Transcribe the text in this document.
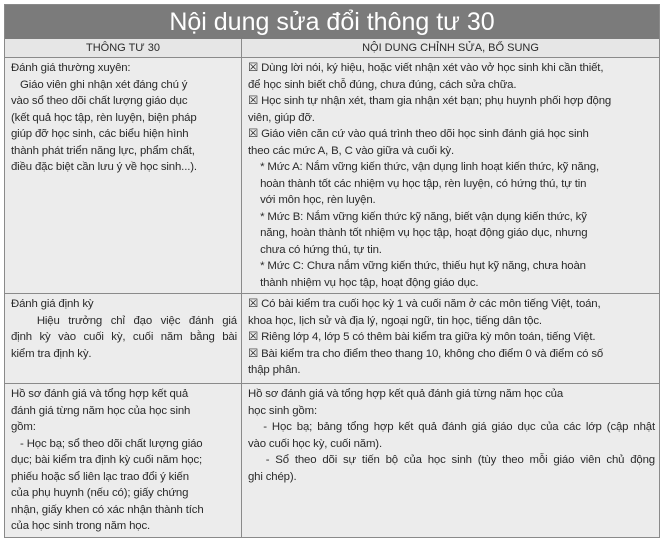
Nội dung sửa đổi thông tư 30
THÔNG TƯ 30	NỘI DUNG CHỈNH SỬA, BỔ SUNG
Đánh giá thường xuyên:
Giáo viên ghi nhận xét đáng chú ý
vào sổ theo dõi chất lượng giáo dục
(kết quả học tập, rèn luyện, biện pháp
giúp đỡ học sinh, các biểu hiện hình
thành phát triển năng lực, phẩm chất,
điều đặc biệt cần lưu ý về học sinh...).
☒ Dùng lời nói, ký hiệu, hoặc viết nhận xét vào vở học sinh khi cần thiết,
để học sinh biết chỗ đúng, chưa đúng, cách sửa chữa.
☒ Học sinh tự nhận xét, tham gia nhận xét bạn; phụ huynh phối hợp động
viên, giúp đỡ.
☒ Giáo viên căn cứ vào quá trình theo dõi học sinh đánh giá học sinh
theo các mức A, B, C vào giữa và cuối kỳ.
* Mức A: Nắm vững kiến thức, vận dụng linh hoạt kiến thức, kỹ năng,
hoàn thành tốt các nhiệm vụ học tập, rèn luyện, có hứng thú, tự tin
với môn học, rèn luyện.
* Mức B: Nắm vững kiến thức kỹ năng, biết vận dụng kiến thức, kỹ
năng, hoàn thành tốt nhiệm vụ học tập, hoạt động giáo dục, nhưng
chưa có hứng thú, tự tin.
* Mức C: Chưa nắm vững kiến thức, thiếu hụt kỹ năng, chưa hoàn
thành nhiệm vụ học tập, hoạt động giáo dục.
Đánh giá định kỳ
Hiệu trưởng chỉ đạo việc đánh giá
định kỳ vào cuối kỳ, cuối năm bằng bài
kiểm tra định kỳ.
☒ Có bài kiểm tra cuối học kỳ 1 và cuối năm ở các môn tiếng Việt, toán,
khoa học, lịch sử và địa lý, ngoại ngữ, tin học, tiếng dân tộc.
☒ Riêng lớp 4, lớp 5 có thêm bài kiểm tra giữa kỳ môn toán, tiếng Việt.
☒ Bài kiểm tra cho điểm theo thang 10, không cho điểm 0 và điểm có số
thập phân.
Hồ sơ đánh giá và tổng hợp kết quả
đánh giá từng năm học của học sinh
gồm:
- Học bạ; sổ theo dõi chất lượng giáo
dục; bài kiểm tra định kỳ cuối năm học;
phiếu hoặc sổ liên lạc trao đổi ý kiến
của phụ huynh (nếu có); giấy chứng
nhận, giấy khen có xác nhận thành tích
của học sinh trong năm học.
Hồ sơ đánh giá và tổng hợp kết quả đánh giá từng năm học của
học sinh gồm:
- Học bạ; bảng tổng hợp kết quả đánh giá giáo dục của các lớp (cập nhật
vào cuối học kỳ, cuối năm).
- Sổ theo dõi sự tiến bộ của học sinh (tùy theo mỗi giáo viên chủ động
ghi chép).
